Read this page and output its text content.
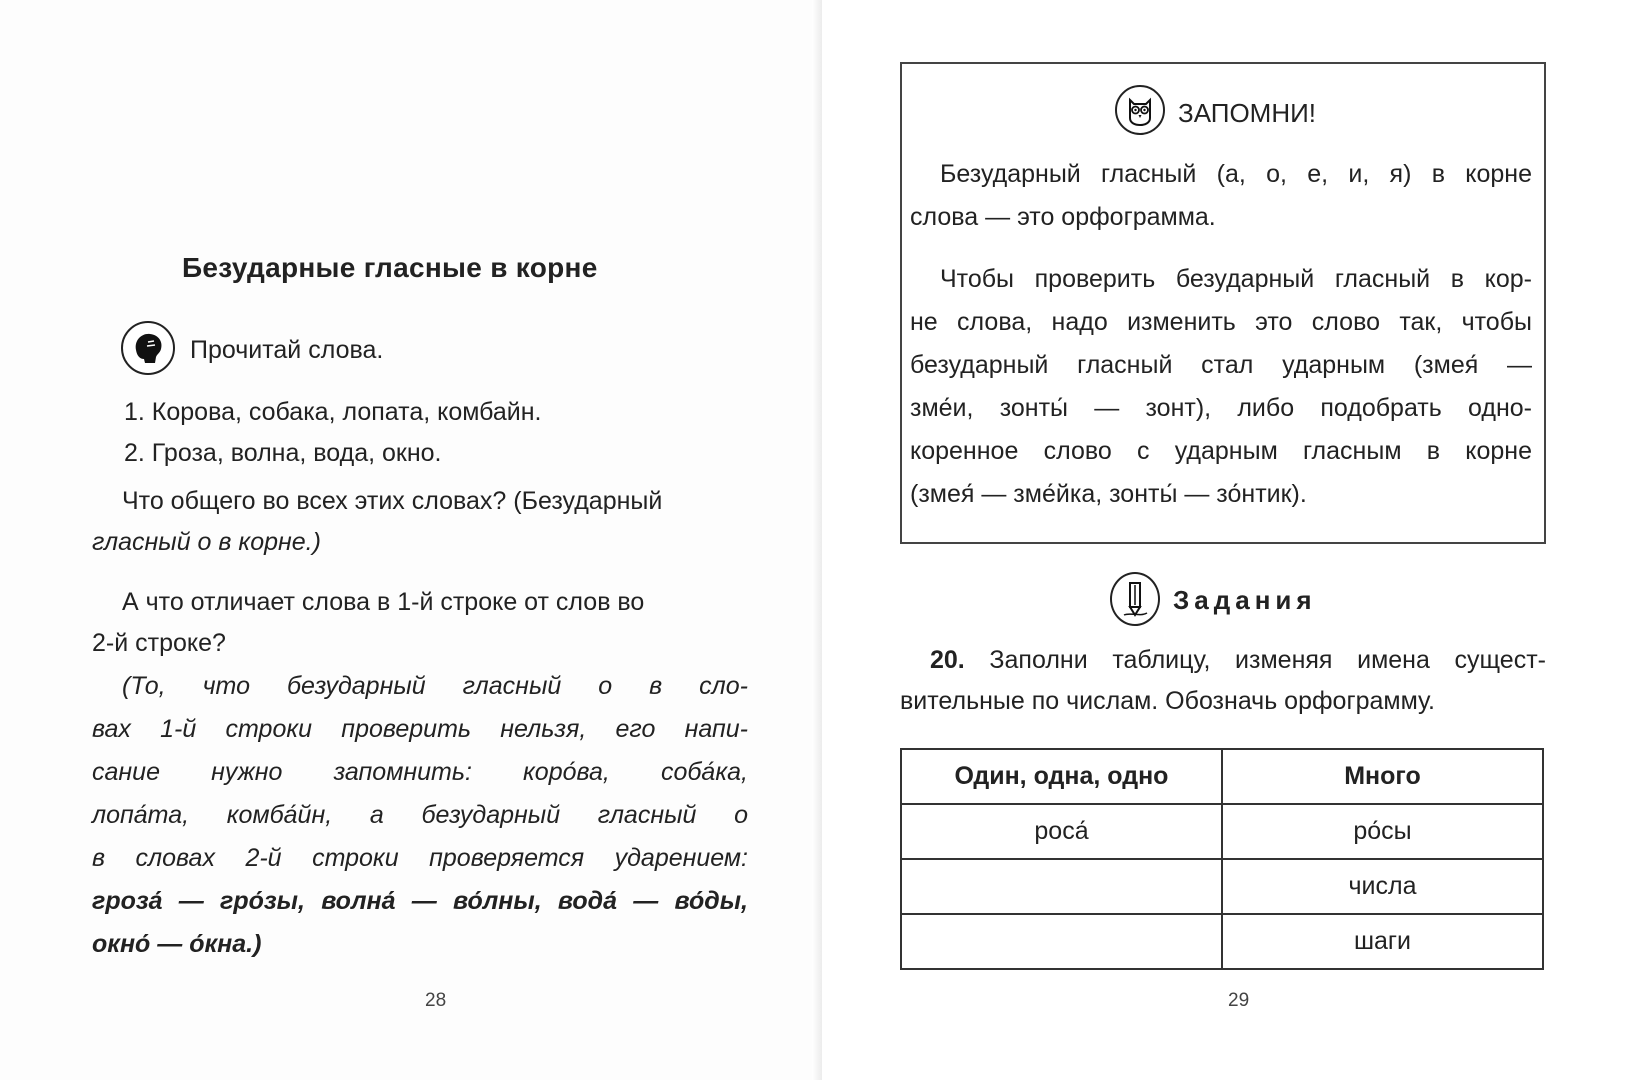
Безударные гласные в корне
Прочитай слова.
1. Корова, собака, лопата, комбайн.
2. Гроза, волна, вода, окно.
Что общего во всех этих словах? (Безударный
гласный о в корне.)
А что отличает слова в 1-й строке от слов во
2-й строке?
(То, что безударный гласный о в сло-
вах 1-й строки проверить нельзя, его напи-
сание нужно запомнить: коро́ва, соба́ка,
лопа́та, комба́йн, а безударный гласный о
в словах 2-й строки проверяется ударением:
гроза́ — гро́зы, волна́ — во́лны, вода́ — во́ды,
окно́ — о́кна.)
28
ЗАПОМНИ!
Безударный гласный (а, о, е, и, я) в корне
слова — это орфограмма.
Чтобы проверить безударный гласный в кор-
не слова, надо изменить это слово так, чтобы
безударный гласный стал ударным (змея́ —
зме́и, зонты́ — зонт), либо подобрать одно-
коренное слово с ударным гласным в корне
(змея́ — зме́йка, зонты́ — зо́нтик).
Задания
20. Заполни таблицу, изменяя имена сущест-
вительные по числам. Обозначь орфограмму.
Один, одна, одно	Много
роса́	ро́сы
	числа
	шаги
29
